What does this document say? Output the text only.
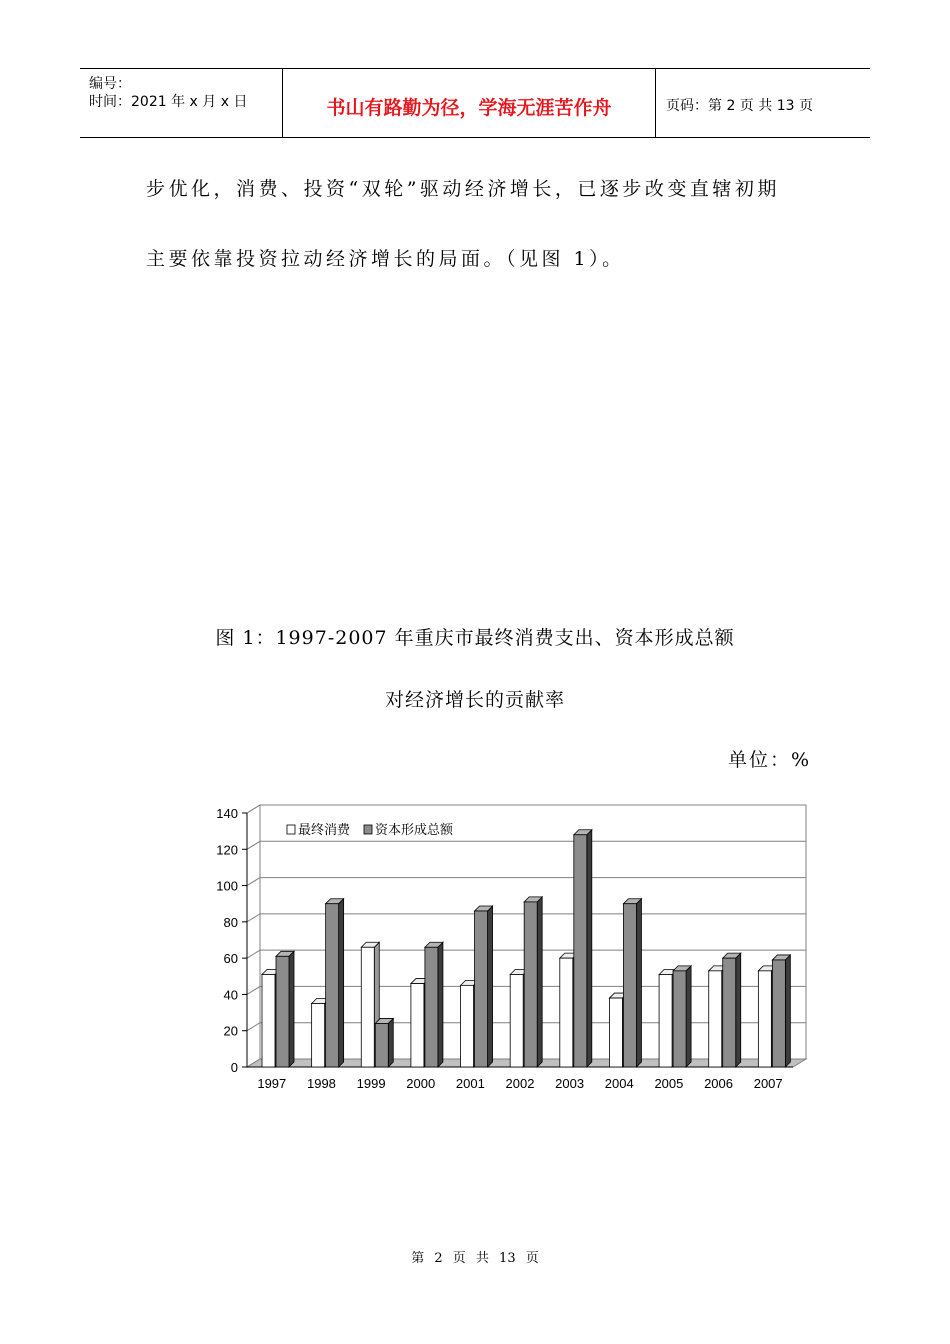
编号：
时间：2021 年 x 月 x 日	书山有路勤为径，学海无涯苦作舟	页码：第 2 页 共 13 页
步优化，消费、投资“双轮”驱动经济增长，已逐步改变直辖初期
主要依靠投资拉动经济增长的局面。（见图 1）。
图 1：1997-2007 年重庆市最终消费支出、资本形成总额
对经济增长的贡献率
单位：%
0
20
40
60
80
100
120
140
1997 1998 1999 2000 2001 2002 2003 2004 2005 2006 2007
最终消费 资本形成总额
第 2 页 共 13 页
